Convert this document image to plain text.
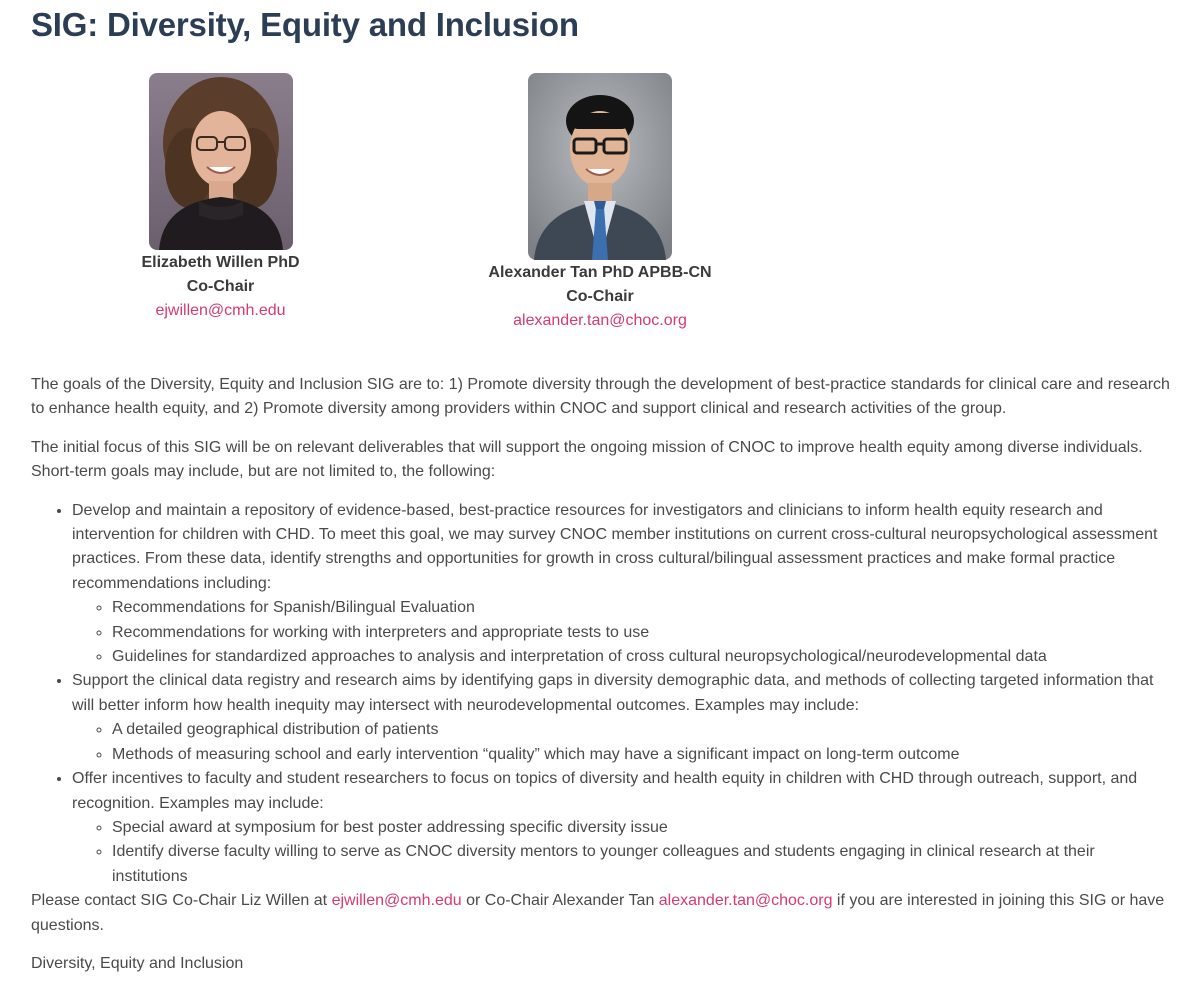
SIG: Diversity, Equity and Inclusion
Elizabeth Willen PhD
Co-Chair
ejwillen@cmh.edu
Alexander Tan PhD APBB-CN
Co-Chair
alexander.tan@choc.org

The goals of the Diversity, Equity and Inclusion SIG are to: 1) Promote diversity through the development of best-practice standards for clinical care and research to enhance health equity, and 2) Promote diversity among providers within CNOC and support clinical and research activities of the group.

The initial focus of this SIG will be on relevant deliverables that will support the ongoing mission of CNOC to improve health equity among diverse individuals. Short-term goals may include, but are not limited to, the following:

• Develop and maintain a repository of evidence-based, best-practice resources for investigators and clinicians to inform health equity research and intervention for children with CHD. To meet this goal, we may survey CNOC member institutions on current cross-cultural neuropsychological assessment practices. From these data, identify strengths and opportunities for growth in cross cultural/bilingual assessment practices and make formal practice recommendations including:
◦ Recommendations for Spanish/Bilingual Evaluation
◦ Recommendations for working with interpreters and appropriate tests to use
◦ Guidelines for standardized approaches to analysis and interpretation of cross cultural neuropsychological/neurodevelopmental data
• Support the clinical data registry and research aims by identifying gaps in diversity demographic data, and methods of collecting targeted information that will better inform how health inequity may intersect with neurodevelopmental outcomes. Examples may include:
◦ A detailed geographical distribution of patients
◦ Methods of measuring school and early intervention “quality” which may have a significant impact on long-term outcome
• Offer incentives to faculty and student researchers to focus on topics of diversity and health equity in children with CHD through outreach, support, and recognition. Examples may include:
◦ Special award at symposium for best poster addressing specific diversity issue
◦ Identify diverse faculty willing to serve as CNOC diversity mentors to younger colleagues and students engaging in clinical research at their institutions

Please contact SIG Co-Chair Liz Willen at ejwillen@cmh.edu or Co-Chair Alexander Tan alexander.tan@choc.org if you are interested in joining this SIG or have questions.

Diversity, Equity and Inclusion
